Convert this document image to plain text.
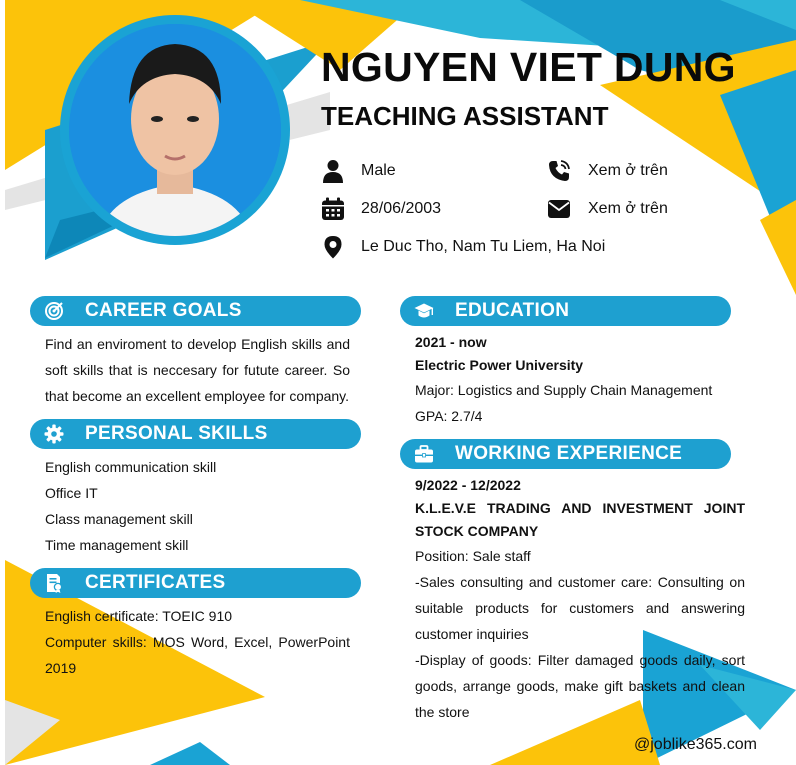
NGUYEN VIET DUNG
TEACHING ASSISTANT
Male	Xem ở trên
28/06/2003	Xem ở trên
Le Duc Tho, Nam Tu Liem, Ha Noi
CAREER GOALS
Find an enviroment to develop English skills and
soft skills that is neccesary for futute career. So
that become an excellent employee for company.
PERSONAL SKILLS
English communication skill
Office IT
Class management skill
Time management skill
CERTIFICATES
English certificate: TOEIC 910
Computer skills: MOS Word, Excel, PowerPoint
2019
EDUCATION
2021 - now
Electric Power University
Major: Logistics and Supply Chain Management
GPA: 2.7/4
WORKING EXPERIENCE
9/2022 - 12/2022
K.L.E.V.E TRADING AND INVESTMENT JOINT
STOCK COMPANY
Position: Sale staff
-Sales consulting and customer care: Consulting on
suitable products for customers and answering
customer inquiries
-Display of goods: Filter damaged goods daily, sort
goods, arrange goods, make gift baskets and clean
the store
@joblike365.com
